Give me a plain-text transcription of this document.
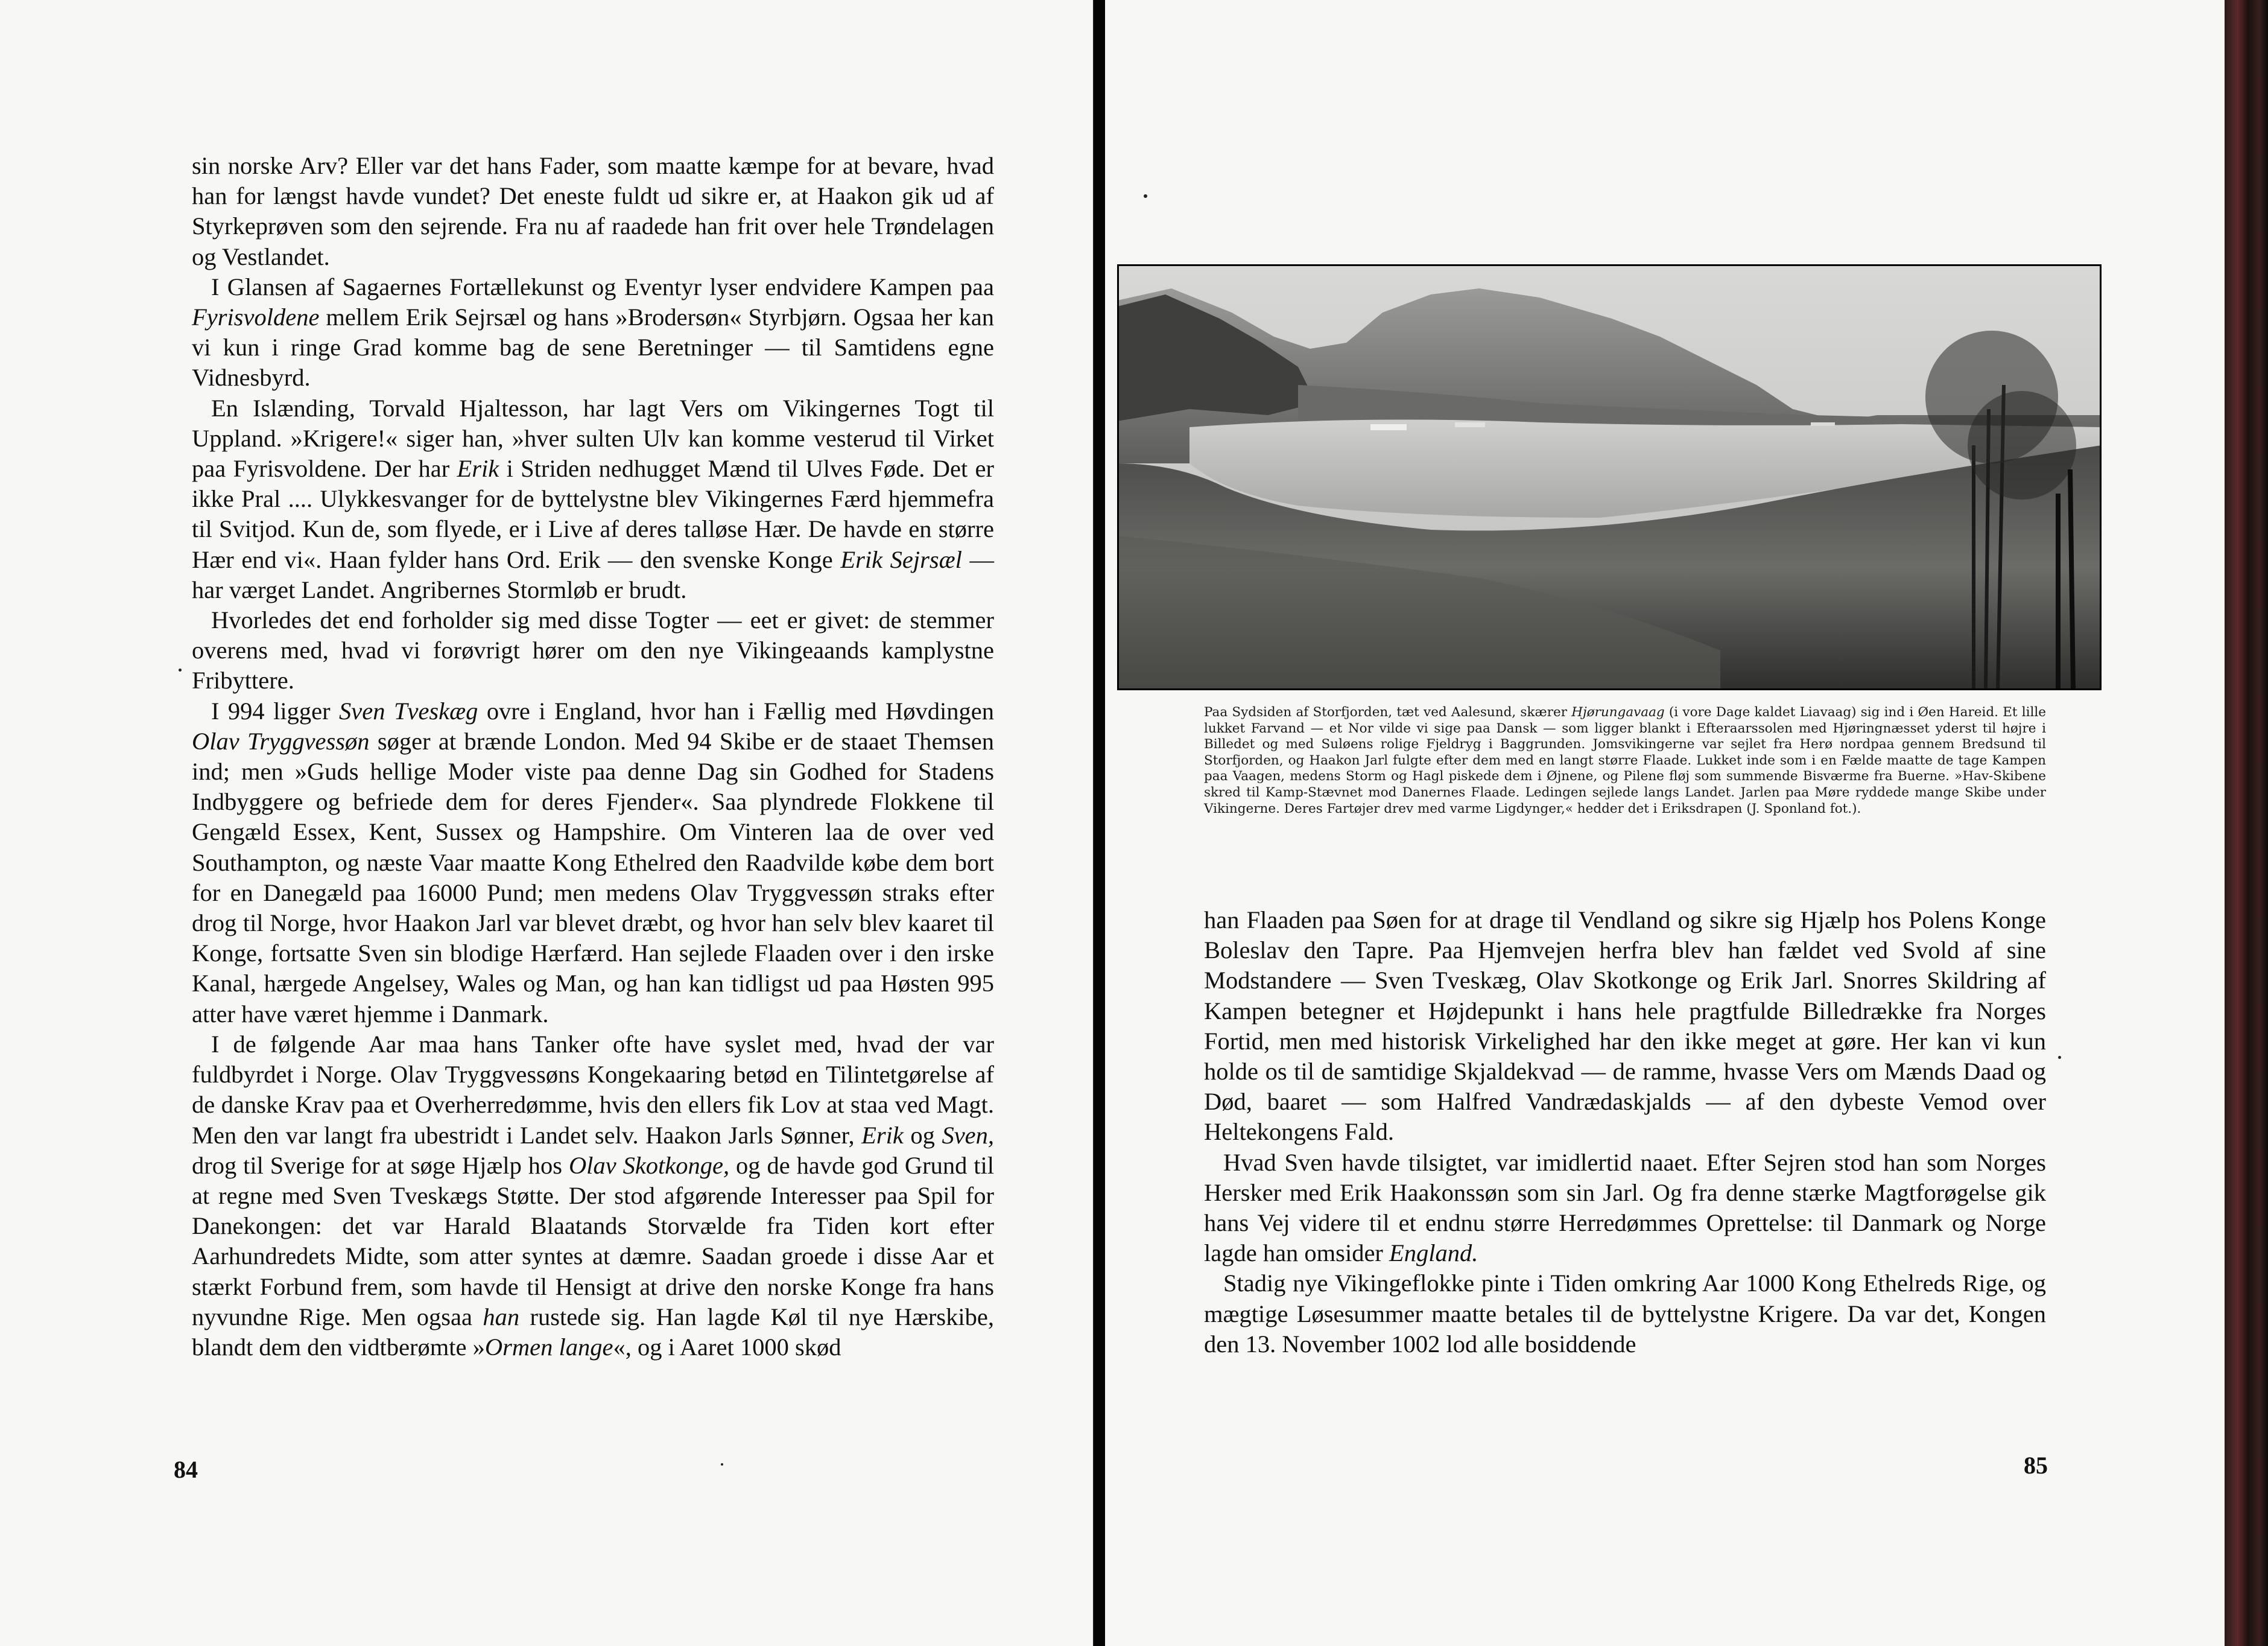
sin norske Arv? Eller var det hans Fader, som maatte kæmpe for at bevare, hvad han for længst havde vundet? Det eneste fuldt ud sikre er, at Haakon gik ud af Styrkeprøven som den sejrende. Fra nu af raadede han frit over hele Trøndelagen og Vestlandet.

I Glansen af Sagaernes Fortællekunst og Eventyr lyser endvidere Kampen paa Fyrisvoldene mellem Erik Sejrsæl og hans »Brodersøn« Styrbjørn. Ogsaa her kan vi kun i ringe Grad komme bag de sene Beretninger — til Samtidens egne Vidnesbyrd.

En Islænding, Torvald Hjaltesson, har lagt Vers om Vikingernes Togt til Uppland. »Krigere!« siger han, »hver sulten Ulv kan komme vesterud til Virket paa Fyrisvoldene. Der har Erik i Striden nedhugget Mænd til Ulves Føde. Det er ikke Pral .... Ulykkesvanger for de byttelystne blev Vikingernes Færd hjemmefra til Svitjod. Kun de, som flyede, er i Live af deres talløse Hær. De havde en større Hær end vi«. Haan fylder hans Ord. Erik — den svenske Konge Erik Sejrsæl — har værget Landet. Angribernes Stormløb er brudt.

Hvorledes det end forholder sig med disse Togter — eet er givet: de stemmer overens med, hvad vi forøvrigt hører om den nye Vikingeaands kamplystne Fribyttere.

I 994 ligger Sven Tveskæg ovre i England, hvor han i Fællig med Høvdingen Olav Tryggvessøn søger at brænde London. Med 94 Skibe er de staaet Themsen ind; men »Guds hellige Moder viste paa denne Dag sin Godhed for Stadens Indbyggere og befriede dem for deres Fjender«. Saa plyndrede Flokkene til Gengæld Essex, Kent, Sussex og Hampshire. Om Vinteren laa de over ved Southampton, og næste Vaar maatte Kong Ethelred den Raadvilde købe dem bort for en Danegæld paa 16000 Pund; men medens Olav Tryggvessøn straks efter drog til Norge, hvor Haakon Jarl var blevet dræbt, og hvor han selv blev kaaret til Konge, fortsatte Sven sin blodige Hærfærd. Han sejlede Flaaden over i den irske Kanal, hærgede Angelsey, Wales og Man, og han kan tidligst ud paa Høsten 995 atter have været hjemme i Danmark.

I de følgende Aar maa hans Tanker ofte have syslet med, hvad der var fuldbyrdet i Norge. Olav Tryggvessøns Kongekaaring betød en Tilintetgørelse af de danske Krav paa et Overherredømme, hvis den ellers fik Lov at staa ved Magt. Men den var langt fra ubestridt i Landet selv. Haakon Jarls Sønner, Erik og Sven, drog til Sverige for at søge Hjælp hos Olav Skotkonge, og de havde god Grund til at regne med Sven Tveskægs Støtte. Der stod afgørende Interesser paa Spil for Danekongen: det var Harald Blaatands Storvælde fra Tiden kort efter Aarhundredets Midte, som atter syntes at dæmre. Saadan groede i disse Aar et stærkt Forbund frem, som havde til Hensigt at drive den norske Konge fra hans nyvundne Rige. Men ogsaa han rustede sig. Han lagde Køl til nye Hærskibe, blandt dem den vidtberømte »Ormen lange«, og i Aaret 1000 skød

84
Paa Sydsiden af Storfjorden, tæt ved Aalesund, skærer Hjørungavaag (i vore Dage kaldet Liavaag) sig ind i Øen Hareid. Et lille lukket Farvand — et Nor vilde vi sige paa Dansk — som ligger blankt i Efteraarssolen med Hjøringnæsset yderst til højre i Billedet og med Suløens rolige Fjeldryg i Baggrunden. Jomsvikingerne var sejlet fra Herø nordpaa gennem Bredsund til Storfjorden, og Haakon Jarl fulgte efter dem med en langt større Flaade. Lukket inde som i en Fælde maatte de tage Kampen paa Vaagen, medens Storm og Hagl piskede dem i Øjnene, og Pilene fløj som summende Bisværme fra Buerne. »Hav-Skibene skred til Kamp-Stævnet mod Danernes Flaade. Ledingen sejlede langs Landet. Jarlen paa Møre ryddede mange Skibe under Vikingerne. Deres Fartøjer drev med varme Ligdynger,« hedder det i Eriksdrapen (J. Sponland fot.).

han Flaaden paa Søen for at drage til Vendland og sikre sig Hjælp hos Polens Konge Boleslav den Tapre. Paa Hjemvejen herfra blev han fældet ved Svold af sine Modstandere — Sven Tveskæg, Olav Skotkonge og Erik Jarl. Snorres Skildring af Kampen betegner et Højdepunkt i hans hele pragtfulde Billedrække fra Norges Fortid, men med historisk Virkelighed har den ikke meget at gøre. Her kan vi kun holde os til de samtidige Skjaldekvad — de ramme, hvasse Vers om Mænds Daad og Død, baaret — som Halfred Vandrædaskjalds — af den dybeste Vemod over Heltekongens Fald.

Hvad Sven havde tilsigtet, var imidlertid naaet. Efter Sejren stod han som Norges Hersker med Erik Haakonssøn som sin Jarl. Og fra denne stærke Magtforøgelse gik hans Vej videre til et endnu større Herredømmes Oprettelse: til Danmark og Norge lagde han omsider England.

Stadig nye Vikingeflokke pinte i Tiden omkring Aar 1000 Kong Ethelreds Rige, og mægtige Løsesummer maatte betales til de byttelystne Krigere. Da var det, Kongen den 13. November 1002 lod alle bosiddende

85
